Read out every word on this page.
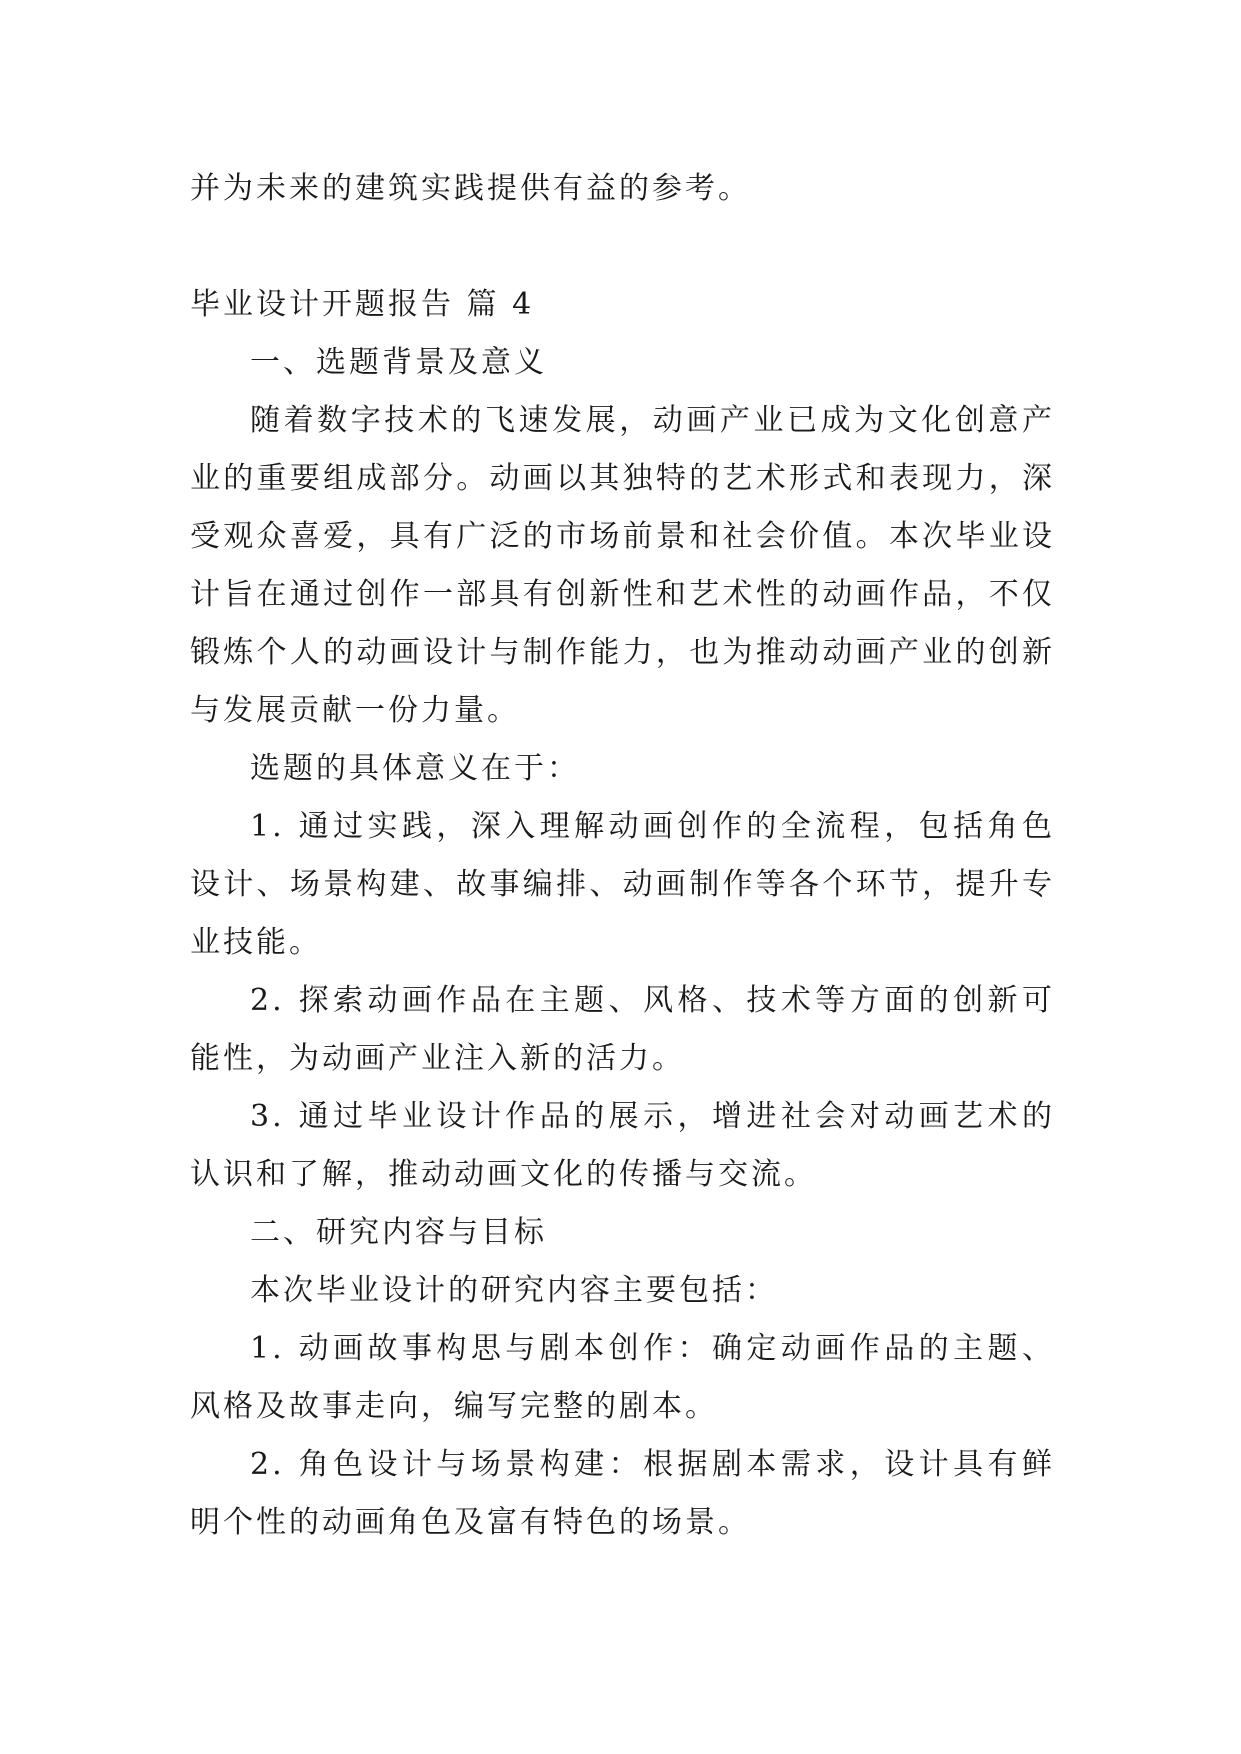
并为未来的建筑实践提供有益的参考。

毕业设计开题报告 篇 4

一、选题背景及意义

随着数字技术的飞速发展，动画产业已成为文化创意产业的重要组成部分。动画以其独特的艺术形式和表现力，深受观众喜爱，具有广泛的市场前景和社会价值。本次毕业设计旨在通过创作一部具有创新性和艺术性的动画作品，不仅锻炼个人的动画设计与制作能力，也为推动动画产业的创新与发展贡献一份力量。

选题的具体意义在于：

1. 通过实践，深入理解动画创作的全流程，包括角色设计、场景构建、故事编排、动画制作等各个环节，提升专业技能。

2. 探索动画作品在主题、风格、技术等方面的创新可能性，为动画产业注入新的活力。

3. 通过毕业设计作品的展示，增进社会对动画艺术的认识和了解，推动动画文化的传播与交流。

二、研究内容与目标

本次毕业设计的研究内容主要包括：

1. 动画故事构思与剧本创作：确定动画作品的主题、风格及故事走向，编写完整的剧本。

2. 角色设计与场景构建：根据剧本需求，设计具有鲜明个性的动画角色及富有特色的场景。
